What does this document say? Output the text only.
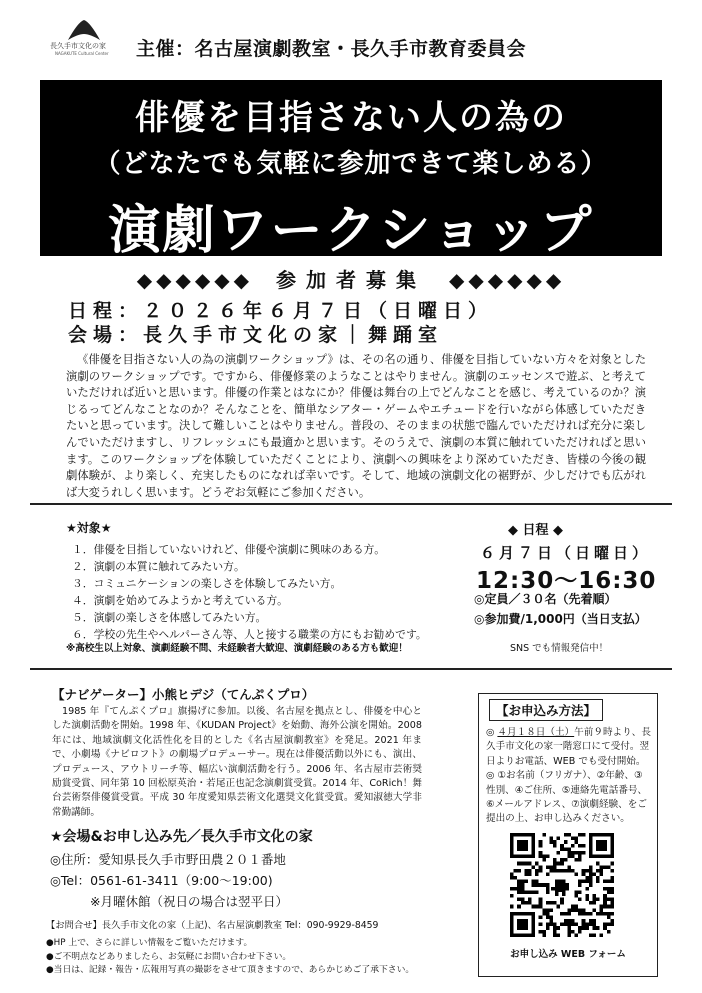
長久手市文化の家
NAGAKUTE Cultural Center 主催：名古屋演劇教室・長久手市教育委員会
俳優を目指さない人の為の
（どなたでも気軽に参加できて楽しめる）
演劇ワークショップ
◆◆◆◆◆◆ 参加者募集 ◆◆◆◆◆◆
日程：２０２６年６月７日（日曜日）
会場：長久手市文化の家｜舞踊室

《俳優を目指さない人の為の演劇ワークショップ》は、その名の通り、俳優を目指していない方々を対象とした演劇のワークショップです。ですから、俳優修業のようなことはやりません。演劇のエッセンスで遊ぶ、と考えていただければ近いと思います。俳優の作業とはなにか？俳優は舞台の上でどんなことを感じ、考えているのか？演じるってどんなことなのか？そんなことを、簡単なシアター・ゲームやエチュードを行いながら体感していただきたいと思っています。決して難しいことはやりません。普段の、そのままの状態で臨んでいただければ充分に楽しんでいただけますし、リフレッシュにも最適かと思います。そのうえで、演劇の本質に触れていただければと思います。このワークショップを体験していただくことにより、演劇への興味をより深めていただき、皆様の今後の観劇体験が、より楽しく、充実したものになれば幸いです。そして、地域の演劇文化の裾野が、少しだけでも広がれば大変うれしく思います。どうぞお気軽にご参加ください。

★対象★
１．俳優を目指していないけれど、俳優や演劇に興味のある方。
２．演劇の本質に触れてみたい方。
３．コミュニケーションの楽しさを体験してみたい方。
４．演劇を始めてみようかと考えている方。
５．演劇の楽しさを体感してみたい方。
６．学校の先生やヘルパーさん等、人と接する職業の方にもお勧めです。
※高校生以上対象、演劇経験不問、未経験者大歓迎、演劇経験のある方も歓迎！
◆ 日程 ◆
６月７日（日曜日）
12:30〜16:30
◎定員／３０名（先着順）
◎参加費/1,000円（当日支払）
SNS でも情報発信中！
【ナビゲーター】小熊ヒデジ（てんぷくプロ）

1985 年『てんぷくプロ』旗揚げに参加。以後、名古屋を拠点とし、俳優を中心とした演劇活動を開始。1998 年、《KUDAN Project》を始動、海外公演を開始。2008 年には、地域演劇文化活性化を目的とした《名古屋演劇教室》を発足。2021 年まで、小劇場《ナビロフト》の劇場プロデューサー。現在は俳優活動以外にも、演出、プロデュース、アウトリーチ等、幅広い演劇活動を行う。2006 年、名古屋市芸術奨励賞受賞、同年第 10 回松原英治・若尾正也記念演劇賞受賞。2014 年、CoRich！舞台芸術祭俳優賞受賞。平成 30 年度愛知県芸術文化選奨文化賞受賞。愛知淑徳大学非常勤講師。

★会場&お申し込み先／長久手市文化の家
◎住所：愛知県長久手市野田農２０１番地
◎Tel：0561-61-3411（9:00〜19:00)
※月曜休館（祝日の場合は翌平日）
【お問合せ】長久手市文化の家（上記)、名古屋演劇教室 Tel：090-9929-8459
●HP 上で、さらに詳しい情報をご覧いただけます。
●ご不明点などありましたら、お気軽にお問い合わせ下さい。
●当日は、記録・報告・広報用写真の撮影をさせて頂きますので、あらかじめご了承下さい。
【お申込み方法】

◎ ４月１８日（土）午前９時より、長久手市文化の家一階窓口にて受付。翌日よりお電話、WEB でも受付開始。◎ ①お名前（フリガナ）、②年齢、③性別、④ご住所、⑤連絡先電話番号、⑥メールアドレス、⑦演劇経験、をご提出の上、お申し込みください。

お申し込み WEB フォーム
